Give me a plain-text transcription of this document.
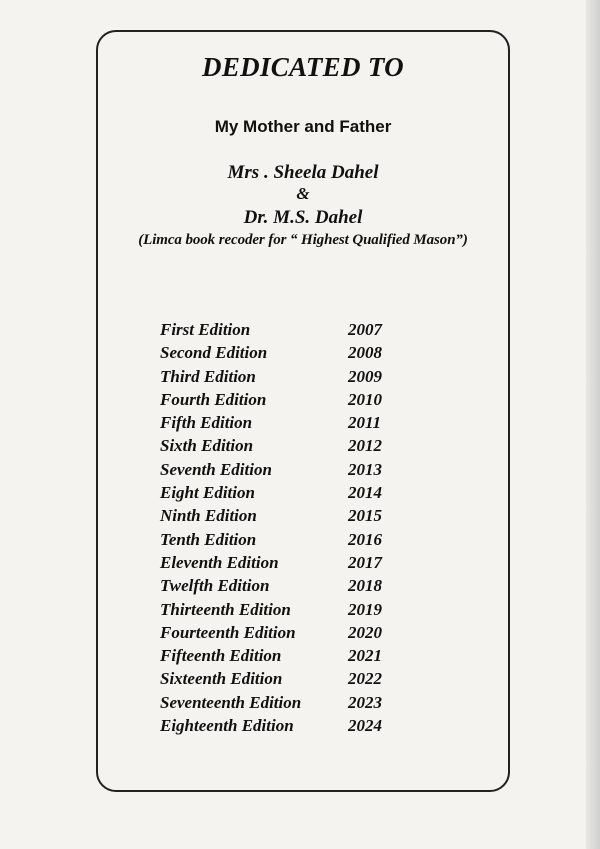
DEDICATED TO
My Mother and Father
Mrs . Sheela Dahel
&
Dr. M.S. Dahel
(Limca book recoder for “ Highest Qualified Mason”)
First Edition	2007
Second Edition	2008
Third Edition	2009
Fourth Edition	2010
Fifth Edition	2011
Sixth Edition	2012
Seventh Edition	2013
Eight Edition	2014
Ninth Edition	2015
Tenth Edition	2016
Eleventh Edition	2017
Twelfth Edition	2018
Thirteenth Edition	2019
Fourteenth Edition	2020
Fifteenth Edition	2021
Sixteenth Edition	2022
Seventeenth Edition	2023
Eighteenth Edition	2024
